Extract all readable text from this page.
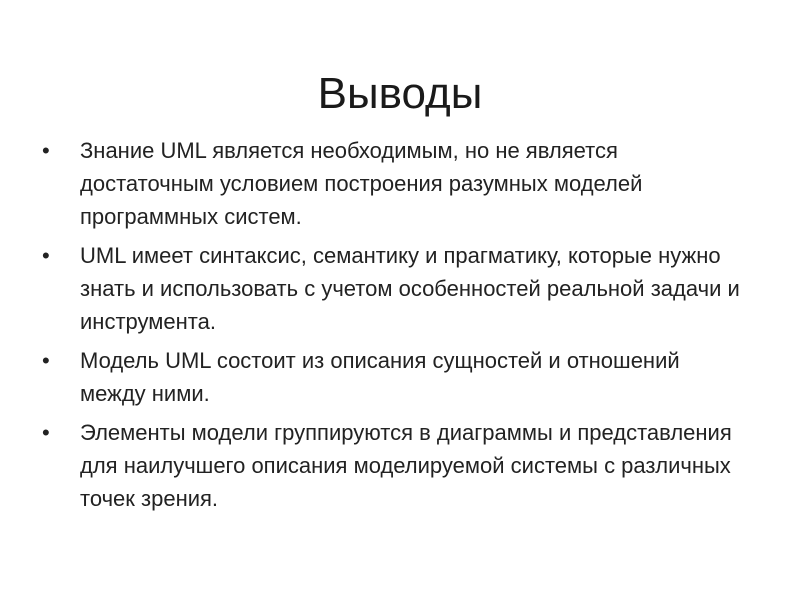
Выводы
•	Знание UML является необходимым, но не является достаточным условием построения разумных моделей программных систем.
•	UML имеет синтаксис, семантику и прагматику, которые нужно знать и использовать с учетом особенностей реальной задачи и инструмента.
•	Модель UML состоит из описания сущностей и отношений между ними.
•	Элементы модели группируются в диаграммы и представления для наилучшего описания моделируемой системы с различных точек зрения.
